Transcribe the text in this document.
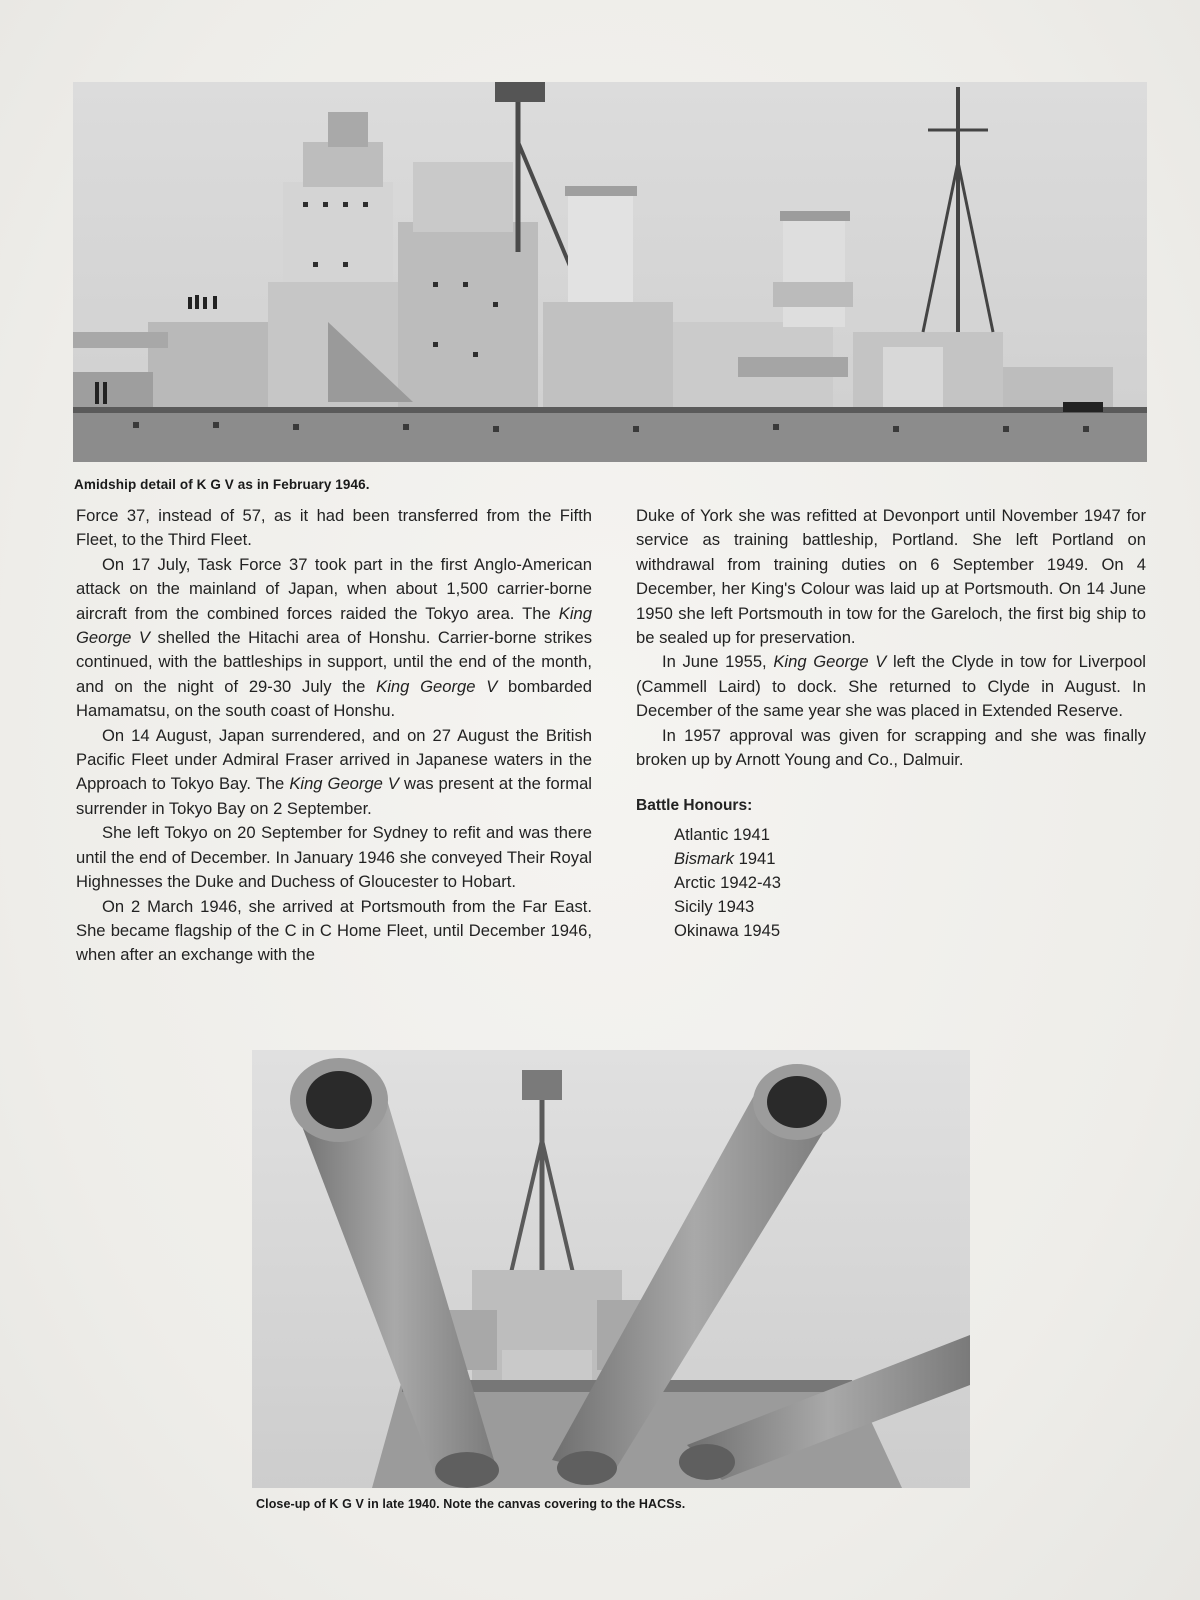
Amidship detail of K G V as in February 1946.

Force 37, instead of 57, as it had been transferred from the Fifth Fleet, to the Third Fleet.

On 17 July, Task Force 37 took part in the first Anglo-American attack on the mainland of Japan, when about 1,500 carrier-borne aircraft from the combined forces raided the Tokyo area. The King George V shelled the Hitachi area of Honshu. Carrier-borne strikes continued, with the battleships in support, until the end of the month, and on the night of 29-30 July the King George V bombarded Hamamatsu, on the south coast of Honshu.

On 14 August, Japan surrendered, and on 27 August the British Pacific Fleet under Admiral Fraser arrived in Japanese waters in the Approach to Tokyo Bay. The King George V was present at the formal surrender in Tokyo Bay on 2 September.

She left Tokyo on 20 September for Sydney to refit and was there until the end of December. In January 1946 she conveyed Their Royal Highnesses the Duke and Duchess of Gloucester to Hobart.

On 2 March 1946, she arrived at Portsmouth from the Far East. She became flagship of the C in C Home Fleet, until December 1946, when after an exchange with the

Duke of York she was refitted at Devonport until November 1947 for service as training battleship, Portland. She left Portland on withdrawal from training duties on 6 September 1949. On 4 December, her King's Colour was laid up at Portsmouth. On 14 June 1950 she left Portsmouth in tow for the Gareloch, the first big ship to be sealed up for preservation.

In June 1955, King George V left the Clyde in tow for Liverpool (Cammell Laird) to dock. She returned to Clyde in August. In December of the same year she was placed in Extended Reserve.

In 1957 approval was given for scrapping and she was finally broken up by Arnott Young and Co., Dalmuir.

Battle Honours:
Atlantic 1941
Bismark 1941
Arctic 1942-43
Sicily 1943
Okinawa 1945
Close-up of K G V in late 1940. Note the canvas covering to the HACSs.
